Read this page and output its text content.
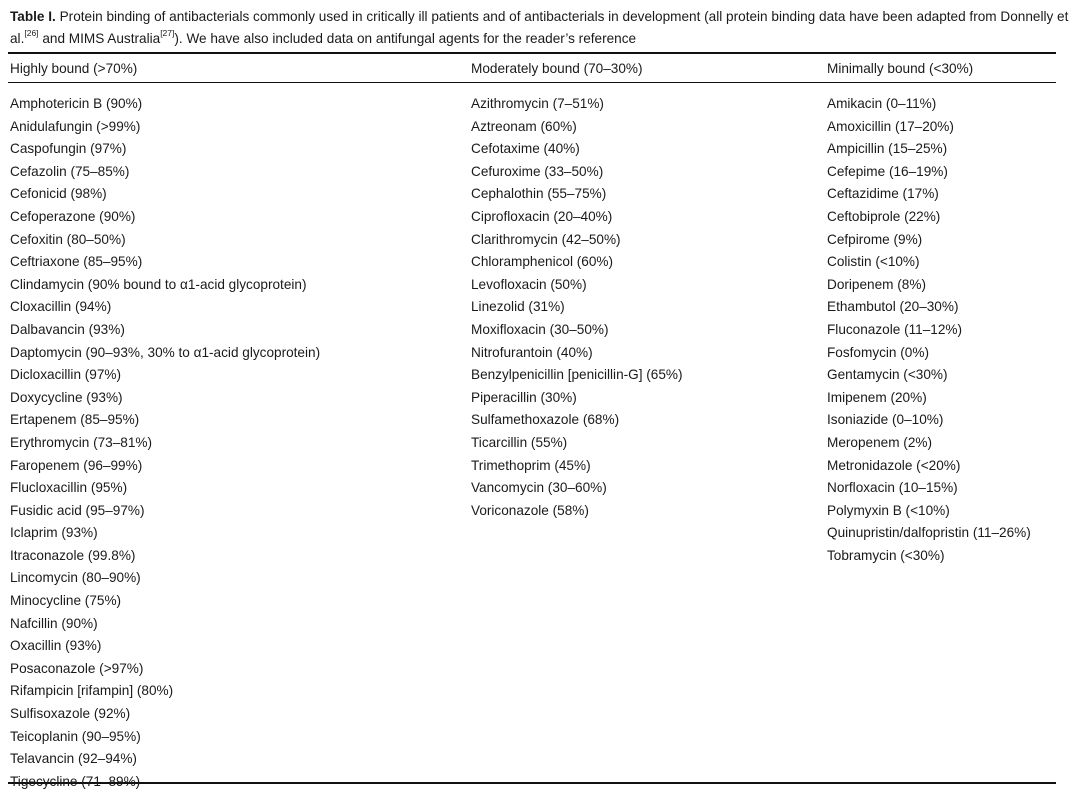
Table I. Protein binding of antibacterials commonly used in critically ill patients and of antibacterials in development (all protein binding data have been adapted from Donnelly et al.[26] and MIMS Australia[27]). We have also included data on antifungal agents for the reader’s reference
Highly bound (>70%)
Amphotericin B (90%)
Anidulafungin (>99%)
Caspofungin (97%)
Cefazolin (75–85%)
Cefonicid (98%)
Cefoperazone (90%)
Cefoxitin (80–50%)
Ceftriaxone (85–95%)
Clindamycin (90% bound to α1-acid glycoprotein)
Cloxacillin (94%)
Dalbavancin (93%)
Daptomycin (90–93%, 30% to α1-acid glycoprotein)
Dicloxacillin (97%)
Doxycycline (93%)
Ertapenem (85–95%)
Erythromycin (73–81%)
Faropenem (96–99%)
Flucloxacillin (95%)
Fusidic acid (95–97%)
Iclaprim (93%)
Itraconazole (99.8%)
Lincomycin (80–90%)
Minocycline (75%)
Nafcillin (90%)
Oxacillin (93%)
Posaconazole (>97%)
Rifampicin [rifampin] (80%)
Sulfisoxazole (92%)
Teicoplanin (90–95%)
Telavancin (92–94%)
Tigecycline (71–89%)
Moderately bound (70–30%)
Azithromycin (7–51%)
Aztreonam (60%)
Cefotaxime (40%)
Cefuroxime (33–50%)
Cephalothin (55–75%)
Ciprofloxacin (20–40%)
Clarithromycin (42–50%)
Chloramphenicol (60%)
Levofloxacin (50%)
Linezolid (31%)
Moxifloxacin (30–50%)
Nitrofurantoin (40%)
Benzylpenicillin [penicillin-G] (65%)
Piperacillin (30%)
Sulfamethoxazole (68%)
Ticarcillin (55%)
Trimethoprim (45%)
Vancomycin (30–60%)
Voriconazole (58%)
Minimally bound (<30%)
Amikacin (0–11%)
Amoxicillin (17–20%)
Ampicillin (15–25%)
Cefepime (16–19%)
Ceftazidime (17%)
Ceftobiprole (22%)
Cefpirome (9%)
Colistin (<10%)
Doripenem (8%)
Ethambutol (20–30%)
Fluconazole (11–12%)
Fosfomycin (0%)
Gentamycin (<30%)
Imipenem (20%)
Isoniazide (0–10%)
Meropenem (2%)
Metronidazole (<20%)
Norfloxacin (10–15%)
Polymyxin B (<10%)
Quinupristin/dalfopristin (11–26%)
Tobramycin (<30%)
